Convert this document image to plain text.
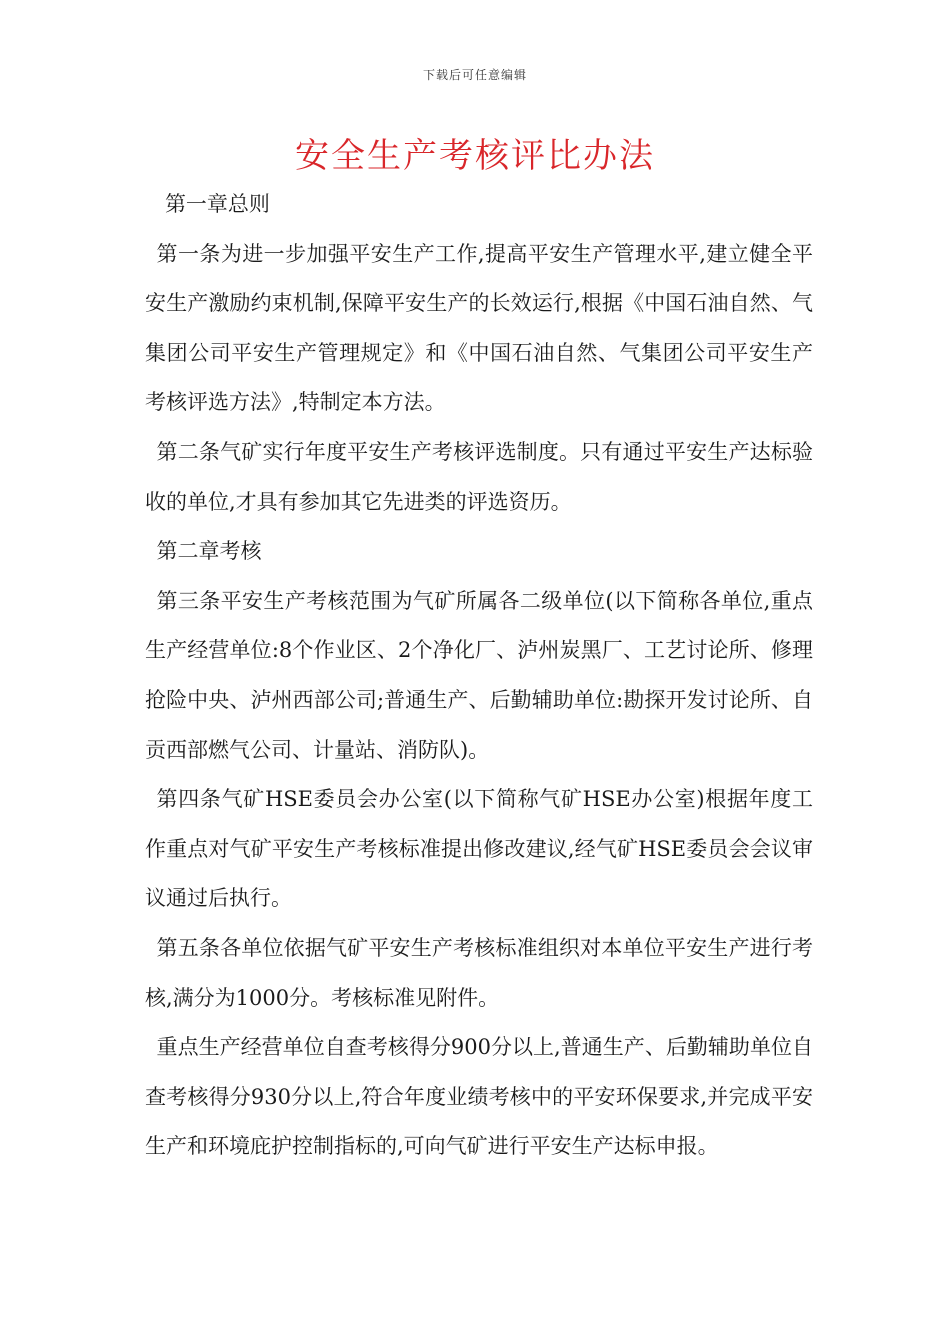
下载后可任意编辑
安全生产考核评比办法

第一章总则

第一条为进一步加强平安生产工作,提高平安生产管理水平,建立健全平安生产激励约束机制,保障平安生产的长效运行,根据《中国石油自然、气集团公司平安生产管理规定》和《中国石油自然、气集团公司平安生产考核评选方法》,特制定本方法。

第二条气矿实行年度平安生产考核评选制度。只有通过平安生产达标验收的单位,才具有参加其它先进类的评选资历。

第二章考核

第三条平安生产考核范围为气矿所属各二级单位(以下简称各单位,重点生产经营单位:8个作业区、2个净化厂、泸州炭黑厂、工艺讨论所、修理抢险中央、泸州西部公司;普通生产、后勤辅助单位:勘探开发讨论所、自贡西部燃气公司、计量站、消防队)。

第四条气矿HSE委员会办公室(以下简称气矿HSE办公室)根据年度工作重点对气矿平安生产考核标准提出修改建议,经气矿HSE委员会会议审议通过后执行。

第五条各单位依据气矿平安生产考核标准组织对本单位平安生产进行考核,满分为1000分。考核标准见附件。

重点生产经营单位自查考核得分900分以上,普通生产、后勤辅助单位自查考核得分930分以上,符合年度业绩考核中的平安环保要求,并完成平安生产和环境庇护控制指标的,可向气矿进行平安生产达标申报。
